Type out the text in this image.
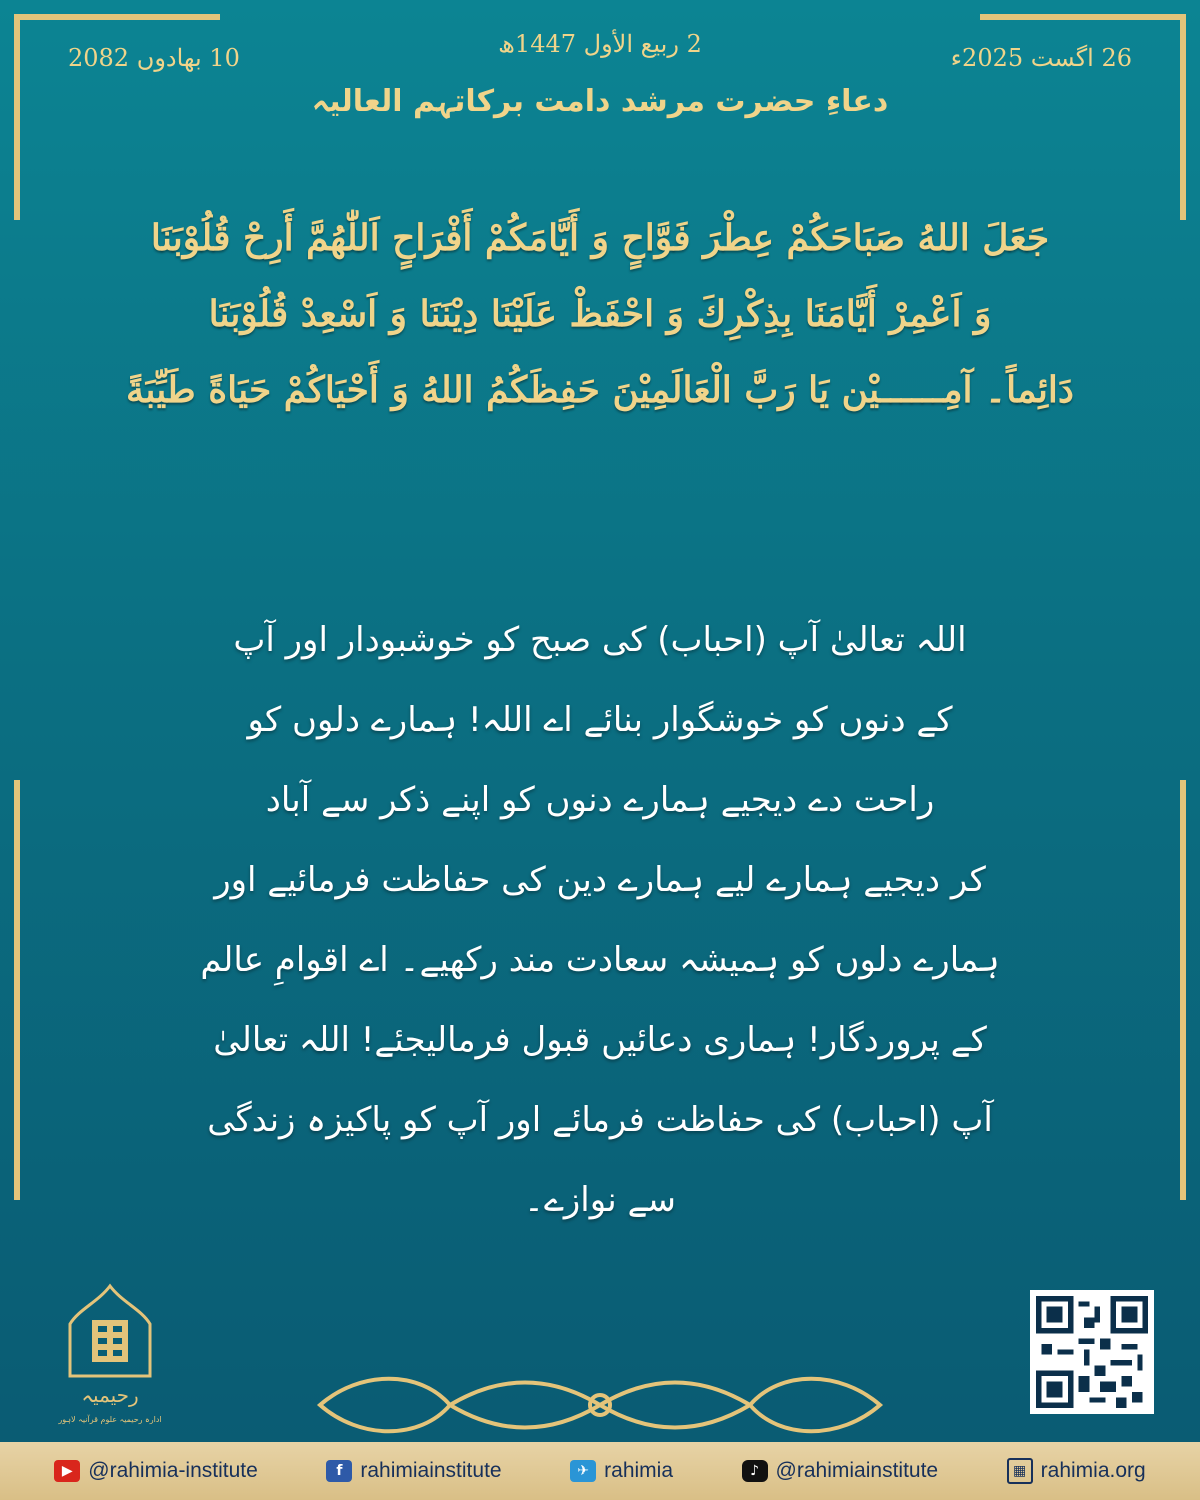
2 ربیع الأول 1447ھ
10 بھادوں 2082	26 اگست 2025ء
دعاءِ حضرت مرشد دامت برکاتہم العالیہ
جَعَلَ اللهُ صَبَاحَكُمْ عِطْرَ فَوَّاحٍ وَ أَيَّامَكُمْ أَفْرَاحٍ اَللّٰهُمَّ أَرِحْ قُلُوْبَنَا
وَ اَعْمِرْ أَيَّامَنَا بِذِكْرِكَ وَ احْفَظْ عَلَيْنَا دِيْنَنَا وَ اَسْعِدْ قُلُوْبَنَا
دَائِماً۔ آمِــــــيْن يَا رَبَّ الْعَالَمِيْنَ حَفِظَكُمُ اللهُ وَ أَحْيَاكُمْ حَيَاةً طَيِّبَةً
اللہ تعالیٰ آپ (احباب) کی صبح کو خوشبودار اور آپ
کے دنوں کو خوشگوار بنائے اے اللہ! ہمارے دلوں کو
راحت دے دیجیے ہمارے دنوں کو اپنے ذکر سے آباد
کر دیجیے ہمارے لیے ہمارے دین کی حفاظت فرمائیے اور
ہمارے دلوں کو ہمیشہ سعادت مند رکھیے۔ اے اقوامِ عالم
کے پروردگار! ہماری دعائیں قبول فرمالیجئے! اللہ تعالیٰ
آپ (احباب) کی حفاظت فرمائے اور آپ کو پاکیزہ زندگی
سے نوازے۔
رحیمیہ
ادارہ رحیمیہ علوم قرآنیہ لاہور
▶ @rahimia-institute	f rahimiainstitute	✈ rahimia	♪ @rahimiainstitute	▦ rahimia.org
